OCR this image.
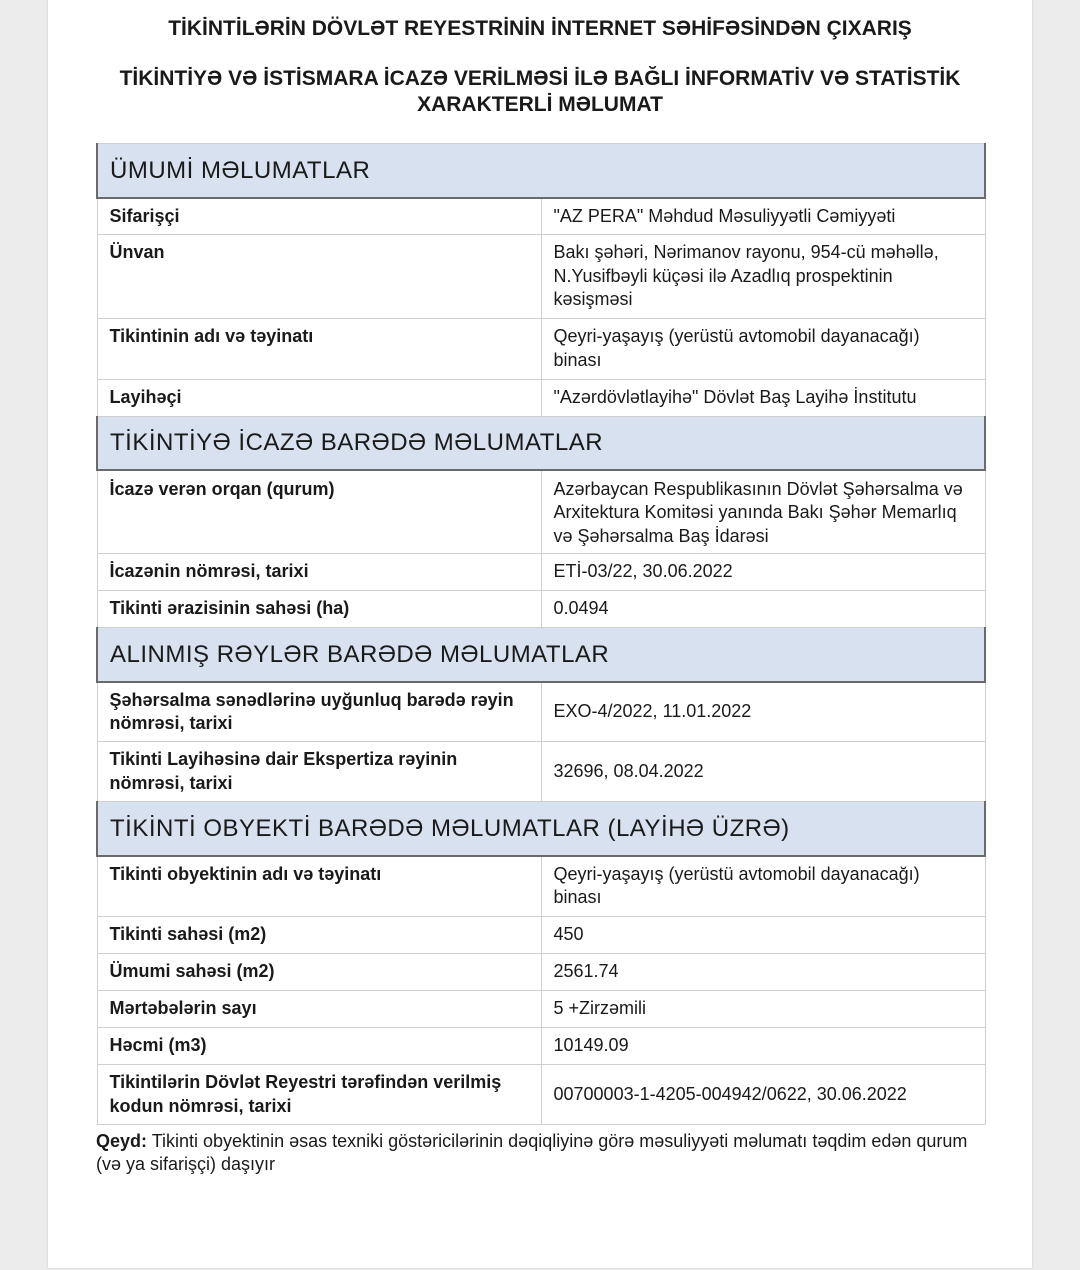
TİKİNTİLƏRİN DÖVLƏT REYESTRİNİN İNTERNET SƏHİFƏSİNDƏN ÇIXARIŞ
TİKİNTİYƏ VƏ İSTİSMARA İCAZƏ VERİLMƏSİ İLƏ BAĞLI İNFORMATİV VƏ STATİSTİK
XARAKTERLİ MƏLUMAT
ÜMUMİ MƏLUMATLAR	
Sifarişçi	"AZ PERA" Məhdud Məsuliyyətli Cəmiyyəti
Ünvan	Bakı şəhəri, Nərimanov rayonu, 954-cü məhəllə, N.Yusifbəyli küçəsi ilə Azadlıq prospektinin kəsişməsi
Tikintinin adı və təyinatı	Qeyri-yaşayış (yerüstü avtomobil dayanacağı) binası
Layihəçi	"Azərdövlətlayihə" Dövlət Baş Layihə İnstitutu
TİKİNTİYƏ İCAZƏ BARƏDƏ MƏLUMATLAR	
İcazə verən orqan (qurum)	Azərbaycan Respublikasının Dövlət Şəhərsalma və Arxitektura Komitəsi yanında Bakı Şəhər Memarlıq və Şəhərsalma Baş İdarəsi
İcazənin nömrəsi, tarixi	ETİ-03/22, 30.06.2022
Tikinti ərazisinin sahəsi (ha)	0.0494
ALINMIŞ RƏYLƏR BARƏDƏ MƏLUMATLAR	
Şəhərsalma sənədlərinə uyğunluq barədə rəyin nömrəsi, tarixi	EXO-4/2022, 11.01.2022
Tikinti Layihəsinə dair Ekspertiza rəyinin nömrəsi, tarixi	32696, 08.04.2022
TİKİNTİ OBYEKTİ BARƏDƏ MƏLUMATLAR (LAYİHƏ ÜZRƏ)	
Tikinti obyektinin adı və təyinatı	Qeyri-yaşayış (yerüstü avtomobil dayanacağı) binası
Tikinti sahəsi (m2)	450
Ümumi sahəsi (m2)	2561.74
Mərtəbələrin sayı	5 +Zirzəmili
Həcmi (m3)	10149.09
Tikintilərin Dövlət Reyestri tərəfindən verilmiş kodun nömrəsi, tarixi	00700003-1-4205-004942/0622, 30.06.2022
Qeyd: Tikinti obyektinin əsas texniki göstəricilərinin dəqiqliyinə görə məsuliyyəti məlumatı təqdim edən qurum (və ya sifarişçi) daşıyır
